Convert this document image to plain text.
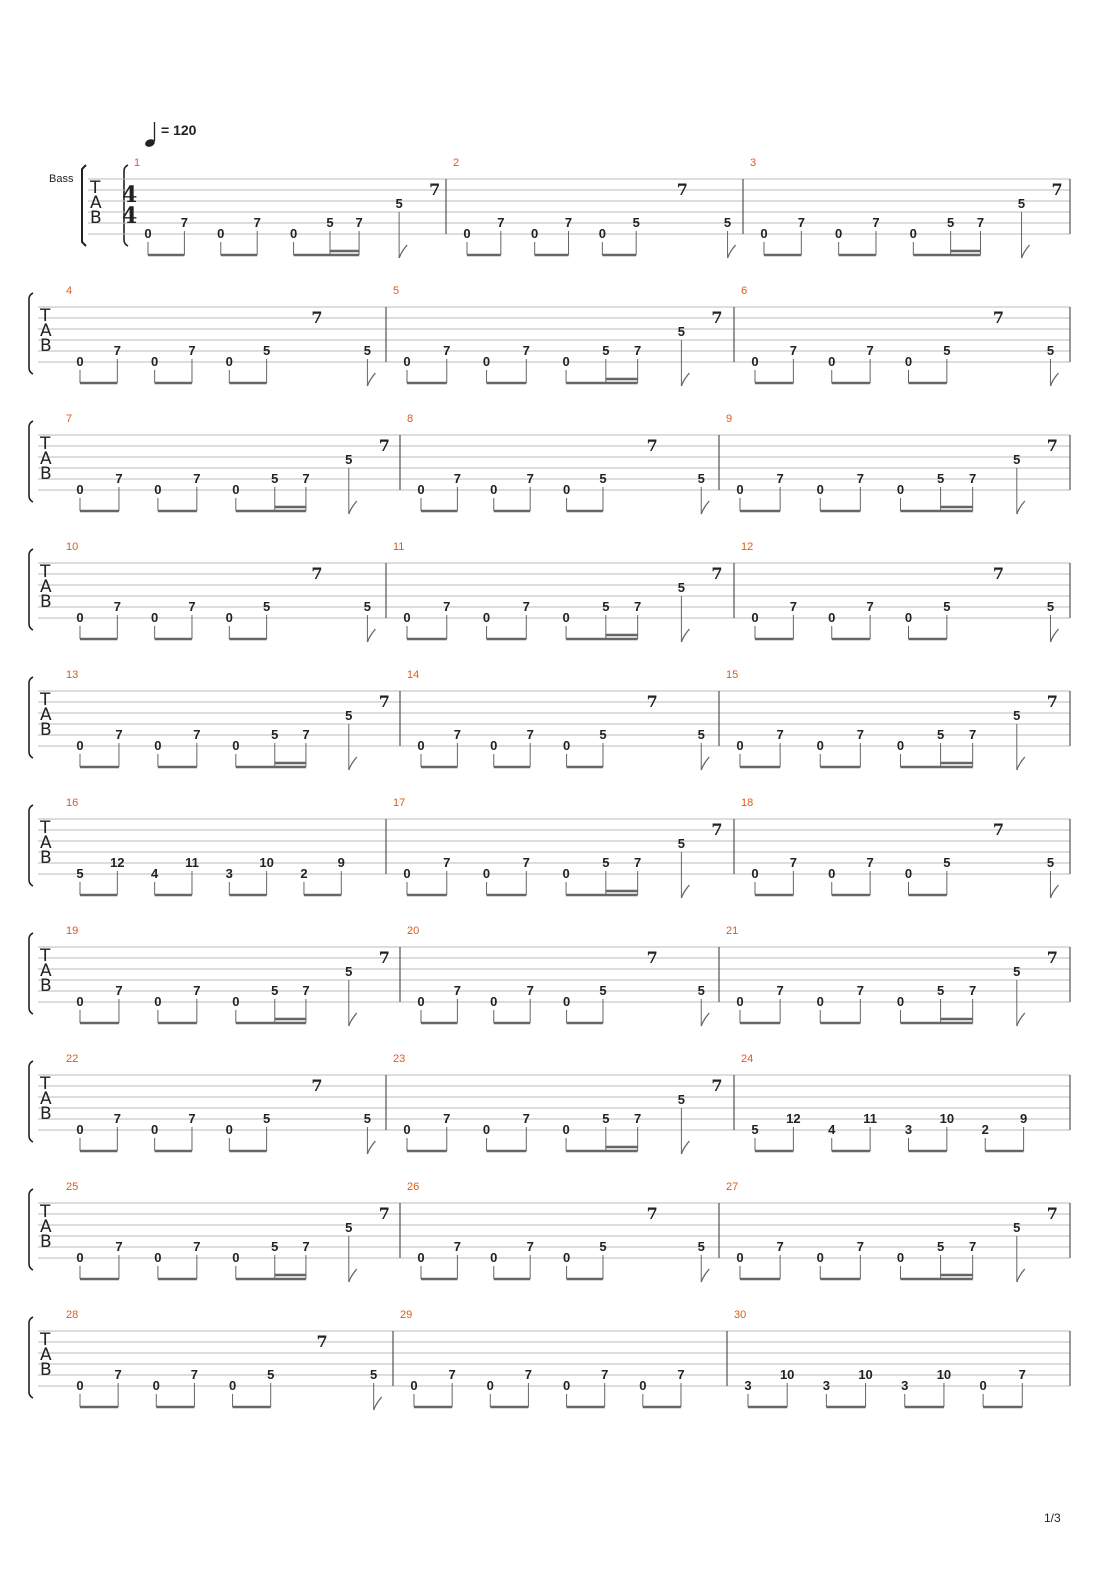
= 120
Bass T
A
B
4
4
1
0
7
0
7
0
5 7
5
7
2
0
7
0
7
0
5	5
7
3
0
7
0
7
0
5 7
5
7
T
A
B
4
0
7
0
7
0
5	5
7
5
0
7
0
7
0
5 7
5
7
6
0
7
0
7
0
5	5
7
T
A
B
7
0
7
0
7
0
5 7
5
7
8
0
7
0
7
0
5	5
7
9
0
7
0
7
0
5 7
5
7
T
A
B
10
0
7
0
7
0
5	5
7
11
0
7
0
7
0
5 7
5
7
12
0
7
0
7
0
5	5
7
T
A
B
13
0
7
0
7
0
5 7
5
7
14
0
7
0
7
0
5	5
7
15
0
7
0
7
0
5 7
5
7
T
A
B
16
5
12
4
11
3
10
2
9
17
0
7
0
7
0
5 7
5
7
18
0
7
0
7
0
5	5
7
T
A
B
19
0
7
0
7
0
5 7
5
7
20
0
7
0
7
0
5	5
7
21
0
7
0
7
0
5 7
5
7
T
A
B
22
0
7
0
7
0
5	5
7
23
0
7
0
7
0
5 7
5
7
24
5
12
4
11
3
10
2
9
T
A
B
25
0
7
0
7
0
5 7
5
7
26
0
7
0
7
0
5	5
7
27
0
7
0
7
0
5 7
5
7
T
A
B
28
0
7
0
7
0
5	5
7
29
0
7
0
7
0
7
0
7
30
3
10
3
10
3
10
0
7
1/3
